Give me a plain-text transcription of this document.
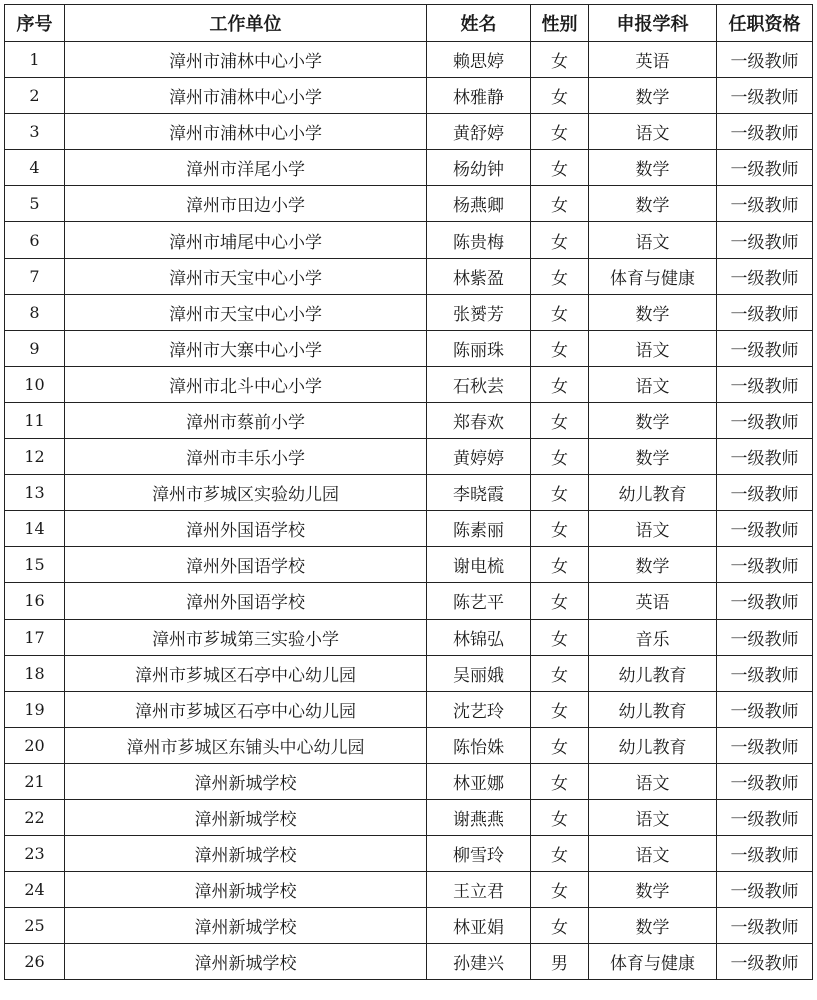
序号	工作单位	姓名	性别	申报学科	任职资格
1	漳州市浦林中心小学	赖思婷	女	英语	一级教师
2	漳州市浦林中心小学	林雅静	女	数学	一级教师
3	漳州市浦林中心小学	黄舒婷	女	语文	一级教师
4	漳州市洋尾小学	杨幼钟	女	数学	一级教师
5	漳州市田边小学	杨燕卿	女	数学	一级教师
6	漳州市埔尾中心小学	陈贵梅	女	语文	一级教师
7	漳州市天宝中心小学	林紫盈	女	体育与健康	一级教师
8	漳州市天宝中心小学	张赟芳	女	数学	一级教师
9	漳州市大寨中心小学	陈丽珠	女	语文	一级教师
10	漳州市北斗中心小学	石秋芸	女	语文	一级教师
11	漳州市蔡前小学	郑春欢	女	数学	一级教师
12	漳州市丰乐小学	黄婷婷	女	数学	一级教师
13	漳州市芗城区实验幼儿园	李晓霞	女	幼儿教育	一级教师
14	漳州外国语学校	陈素丽	女	语文	一级教师
15	漳州外国语学校	谢电梳	女	数学	一级教师
16	漳州外国语学校	陈艺平	女	英语	一级教师
17	漳州市芗城第三实验小学	林锦弘	女	音乐	一级教师
18	漳州市芗城区石亭中心幼儿园	吴丽娥	女	幼儿教育	一级教师
19	漳州市芗城区石亭中心幼儿园	沈艺玲	女	幼儿教育	一级教师
20	漳州市芗城区东铺头中心幼儿园	陈怡姝	女	幼儿教育	一级教师
21	漳州新城学校	林亚娜	女	语文	一级教师
22	漳州新城学校	谢燕燕	女	语文	一级教师
23	漳州新城学校	柳雪玲	女	语文	一级教师
24	漳州新城学校	王立君	女	数学	一级教师
25	漳州新城学校	林亚娟	女	数学	一级教师
26	漳州新城学校	孙建兴	男	体育与健康	一级教师
